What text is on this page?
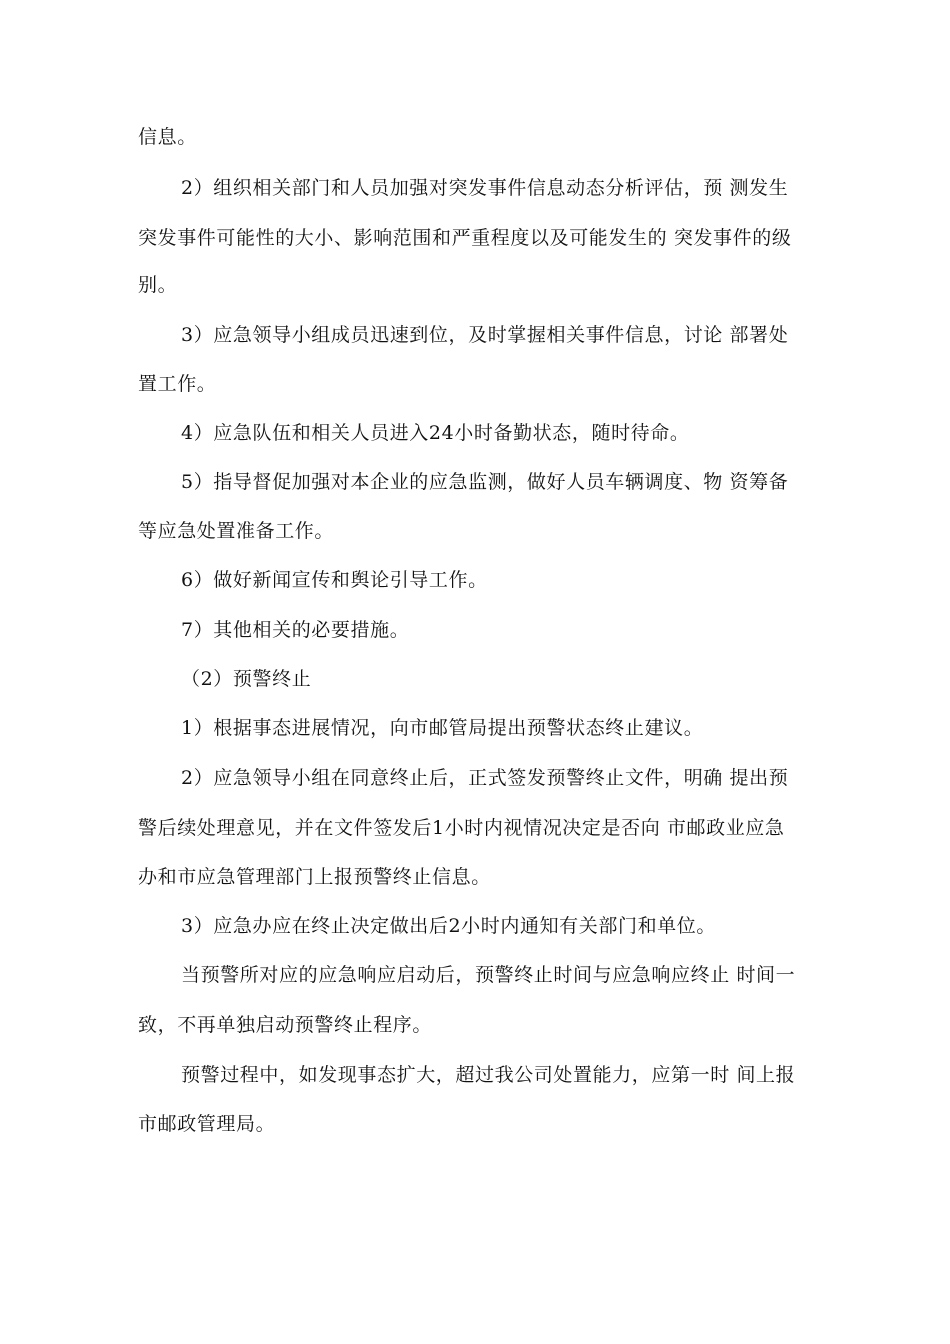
信息。

2）组织相关部门和人员加强对突发事件信息动态分析评估，预 测发生

突发事件可能性的大小、影响范围和严重程度以及可能发生的 突发事件的级

别。

3）应急领导小组成员迅速到位，及时掌握相关事件信息，讨论 部署处

置工作。

4）应急队伍和相关人员进入24小时备勤状态，随时待命。

5）指导督促加强对本企业的应急监测，做好人员车辆调度、物 资筹备

等应急处置准备工作。

6）做好新闻宣传和舆论引导工作。

7）其他相关的必要措施。

（2）预警终止

1）根据事态进展情况，向市邮管局提出预警状态终止建议。

2）应急领导小组在同意终止后，正式签发预警终止文件，明确 提出预

警后续处理意见，并在文件签发后1小时内视情况决定是否向 市邮政业应急

办和市应急管理部门上报预警终止信息。

3）应急办应在终止决定做出后2小时内通知有关部门和单位。

当预警所对应的应急响应启动后，预警终止时间与应急响应终止 时间一

致，不再单独启动预警终止程序。

预警过程中，如发现事态扩大，超过我公司处置能力，应第一时 间上报

市邮政管理局。
